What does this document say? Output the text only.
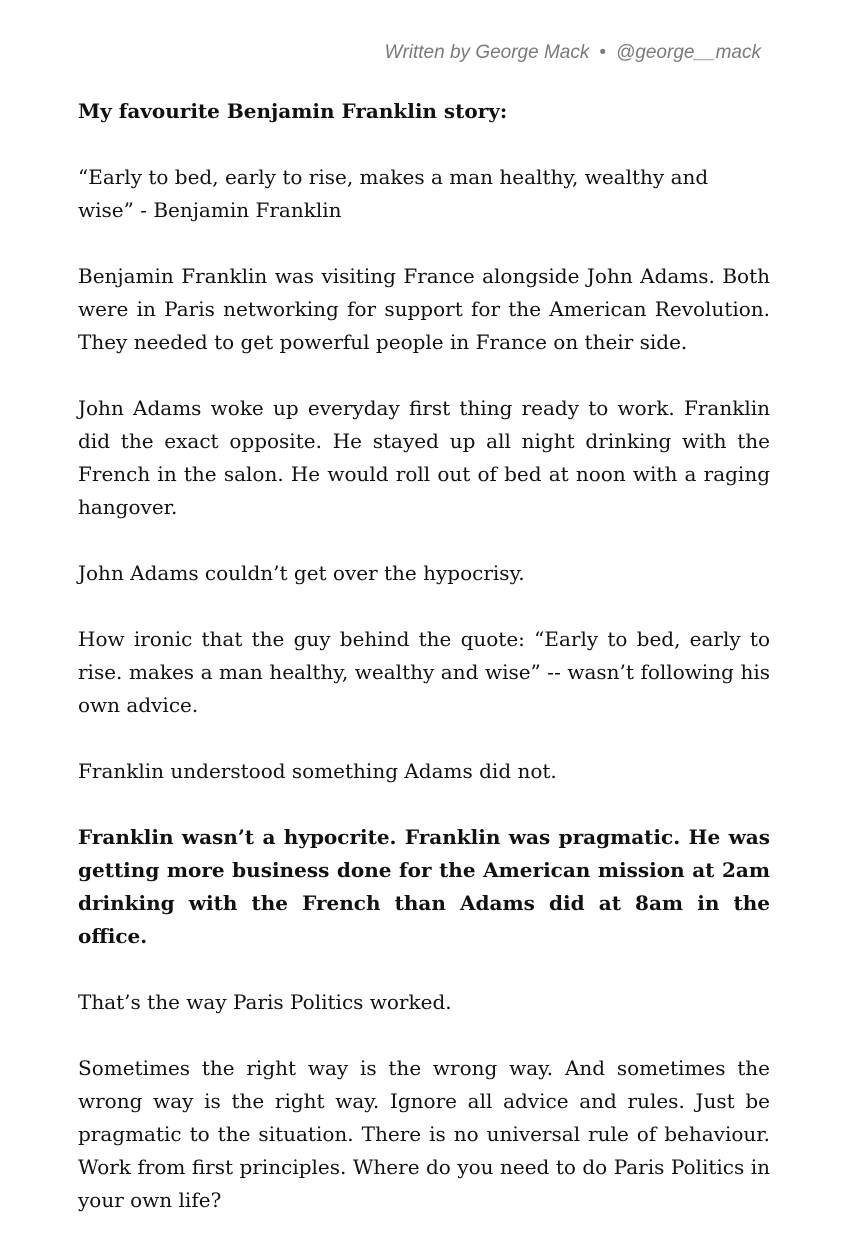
Written by George Mack • @george__mack

My favourite Benjamin Franklin story:

“Early to bed, early to rise, makes a man healthy, wealthy and wise” - Benjamin Franklin

Benjamin Franklin was visiting France alongside John Adams. Both were in Paris networking for support for the American Revolution. They needed to get powerful people in France on their side.

John Adams woke up everyday first thing ready to work. Franklin did the exact opposite. He stayed up all night drinking with the French in the salon. He would roll out of bed at noon with a raging hangover.

John Adams couldn’t get over the hypocrisy.

How ironic that the guy behind the quote: “Early to bed, early to rise. makes a man healthy, wealthy and wise” -- wasn’t following his own advice.

Franklin understood something Adams did not.

Franklin wasn’t a hypocrite. Franklin was pragmatic. He was getting more business done for the American mission at 2am drinking with the French than Adams did at 8am in the office.

That’s the way Paris Politics worked.

Sometimes the right way is the wrong way. And sometimes the wrong way is the right way. Ignore all advice and rules. Just be pragmatic to the situation. There is no universal rule of behaviour. Work from first principles. Where do you need to do Paris Politics in your own life?
